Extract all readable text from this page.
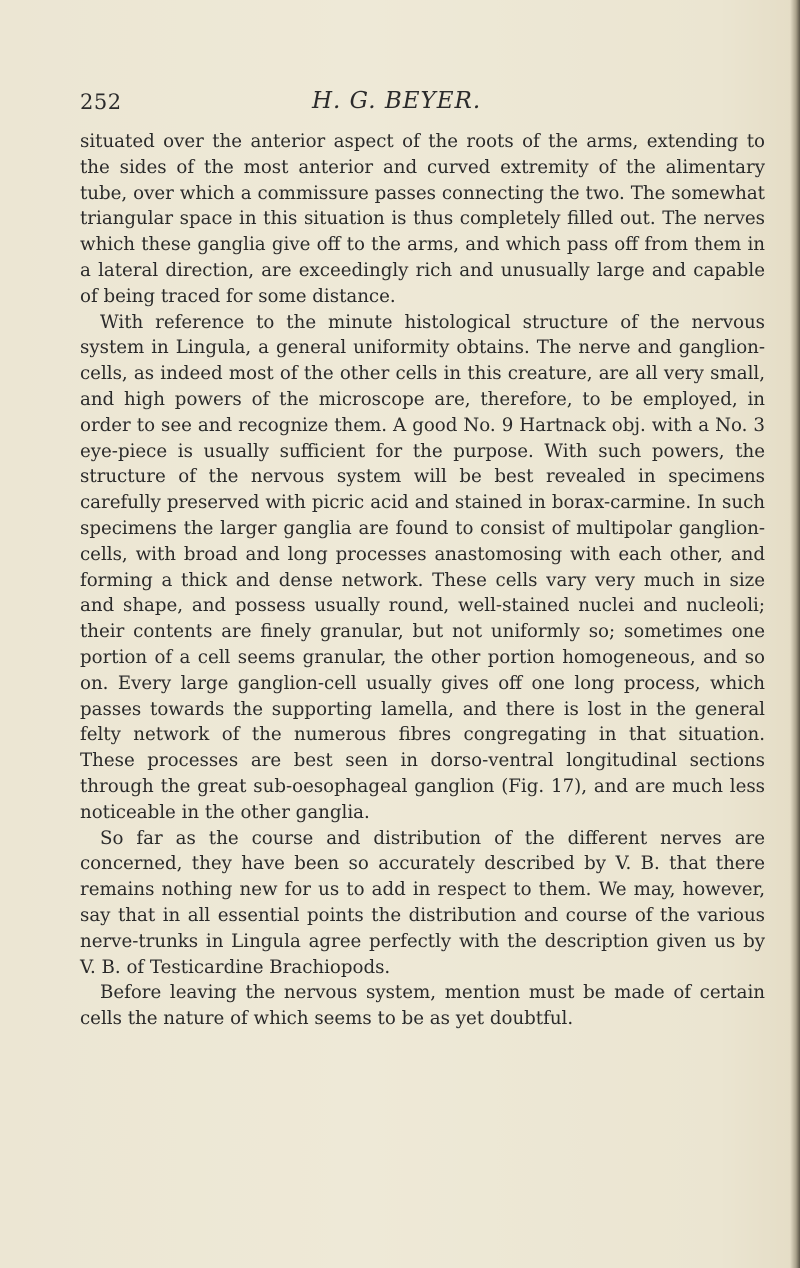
252	H. G. BEYER.

situated over the anterior aspect of the roots of the arms, extending to the sides of the most anterior and curved extremity of the alimentary tube, over which a commissure passes connecting the two. The somewhat triangular space in this situation is thus completely filled out. The nerves which these ganglia give off to the arms, and which pass off from them in a lateral direction, are exceedingly rich and unusually large and capable of being traced for some distance.

With reference to the minute histological structure of the nervous system in Lingula, a general uniformity obtains. The nerve and ganglion-cells, as indeed most of the other cells in this creature, are all very small, and high powers of the microscope are, therefore, to be employed, in order to see and recognize them. A good No. 9 Hartnack obj. with a No. 3 eye-piece is usually sufficient for the purpose. With such powers, the structure of the nervous system will be best revealed in specimens carefully preserved with picric acid and stained in borax-carmine. In such specimens the larger ganglia are found to consist of multipolar ganglion-cells, with broad and long processes anastomosing with each other, and forming a thick and dense network. These cells vary very much in size and shape, and possess usually round, well-stained nuclei and nucleoli; their contents are finely granular, but not uniformly so; sometimes one portion of a cell seems granular, the other portion homogeneous, and so on. Every large ganglion-cell usually gives off one long process, which passes towards the supporting lamella, and there is lost in the general felty network of the numerous fibres congregating in that situation. These processes are best seen in dorso-ventral longitudinal sections through the great sub-oesophageal ganglion (Fig. 17), and are much less noticeable in the other ganglia.

So far as the course and distribution of the different nerves are concerned, they have been so accurately described by V. B. that there remains nothing new for us to add in respect to them. We may, however, say that in all essential points the distribution and course of the various nerve-trunks in Lingula agree perfectly with the description given us by V. B. of Testicardine Brachiopods.

Before leaving the nervous system, mention must be made of certain cells the nature of which seems to be as yet doubtful.
